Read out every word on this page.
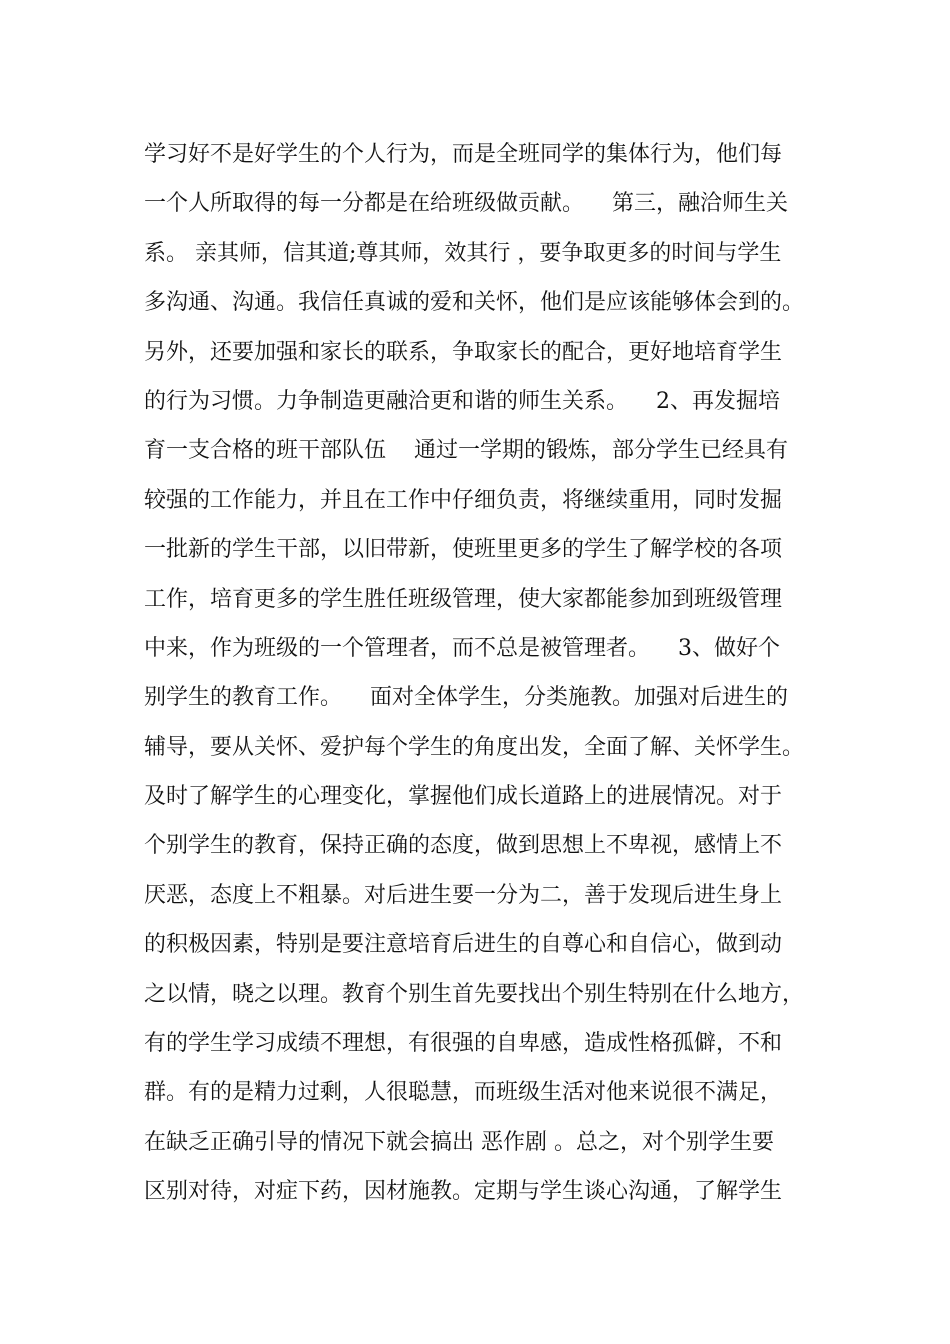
学习好不是好学生的个人行为，而是全班同学的集体行为，他们每
一个人所取得的每一分都是在给班级做贡献。    第三，融洽师生关
系。 亲其师，信其道;尊其师，效其行 ，要争取更多的时间与学生
多沟通、沟通。我信任真诚的爱和关怀，他们是应该能够体会到的。
另外，还要加强和家长的联系，争取家长的配合，更好地培育学生
的行为习惯。力争制造更融洽更和谐的师生关系。    2、再发掘培
育一支合格的班干部队伍    通过一学期的锻炼，部分学生已经具有
较强的工作能力，并且在工作中仔细负责，将继续重用，同时发掘
一批新的学生干部，以旧带新，使班里更多的学生了解学校的各项
工作，培育更多的学生胜任班级管理，使大家都能参加到班级管理
中来，作为班级的一个管理者，而不总是被管理者。    3、做好个
别学生的教育工作。    面对全体学生，分类施教。加强对后进生的
辅导，要从关怀、爱护每个学生的角度出发，全面了解、关怀学生。
及时了解学生的心理变化，掌握他们成长道路上的进展情况。对于
个别学生的教育，保持正确的态度，做到思想上不卑视，感情上不
厌恶，态度上不粗暴。对后进生要一分为二，善于发现后进生身上
的积极因素，特别是要注意培育后进生的自尊心和自信心，做到动
之以情，晓之以理。教育个别生首先要找出个别生特别在什么地方，
有的学生学习成绩不理想，有很强的自卑感，造成性格孤僻，不和
群。有的是精力过剩，人很聪慧，而班级生活对他来说很不满足，
在缺乏正确引导的情况下就会搞出 恶作剧 。总之，对个别学生要
区别对待，对症下药，因材施教。定期与学生谈心沟通，了解学生
